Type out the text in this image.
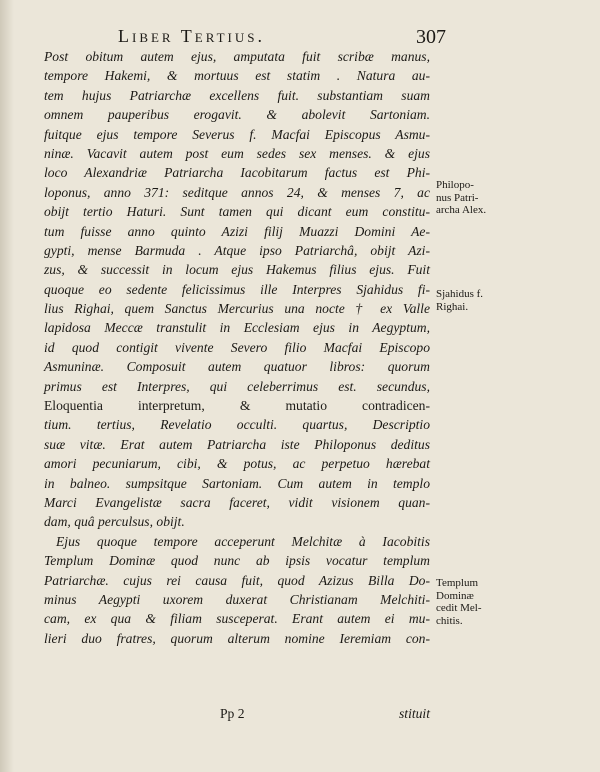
Liber Tertius.	307
Post obitum autem ejus, amputata fuit scribæ manus,
tempore Hakemi, & mortuus est statim . Natura au-
tem hujus Patriarchæ excellens fuit. substantiam suam
omnem pauperibus erogavit. & abolevit Sartoniam.
fuitque ejus tempore Severus f. Macfai Episcopus Asmu-
ninæ. Vacavit autem post eum sedes sex menses. & ejus
loco Alexandriæ Patriarcha Iacobitarum factus est Phi-
loponus, anno 371: seditque annos 24, & menses 7, ac
obijt tertio Haturi. Sunt tamen qui dicant eum constitu-
tum fuisse anno quinto Azizi filij Muazzi Domini Ae-
gypti, mense Barmuda . Atque ipso Patriarchâ, obijt Azi-
zus, & successit in locum ejus Hakemus filius ejus. Fuit
quoque eo sedente felicissimus ille Interpres Sjahidus fi-
lius Righai, quem Sanctus Mercurius una nocte † ex Valle
lapidosa Meccæ transtulit in Ecclesiam ejus in Aegyptum,
id quod contigit vivente Severo filio Macfai Episcopo
Asmuninæ. Composuit autem quatuor libros: quorum
primus est Interpres, qui celeberrimus est. secundus,
Eloquentia interpretum, & mutatio contradicen-
tium. tertius, Revelatio occulti. quartus, Descriptio
suæ vitæ. Erat autem Patriarcha iste Philoponus deditus
amori pecuniarum, cibi, & potus, ac perpetuo hærebat
in balneo. sumpsitque Sartoniam. Cum autem in templo
Marci Evangelistæ sacra faceret, vidit visionem quan-
dam, quâ perculsus, obijt.
Ejus quoque tempore acceperunt Melchitæ à Iacobitis
Templum Dominæ quod nunc ab ipsis vocatur templum
Patriarchæ. cujus rei causa fuit, quod Azizus Billa Do-
minus Aegypti uxorem duxerat Christianam Melchiti-
cam, ex qua & filiam susceperat. Erant autem ei mu-
lieri duo fratres, quorum alterum nomine Ieremiam con-
Philopo-
nus Patri-
archa Alex.
Sjahidus f.
Righai.
Templum
Dominæ
cedit Mel-
chitis.
Pp 2	stituit
